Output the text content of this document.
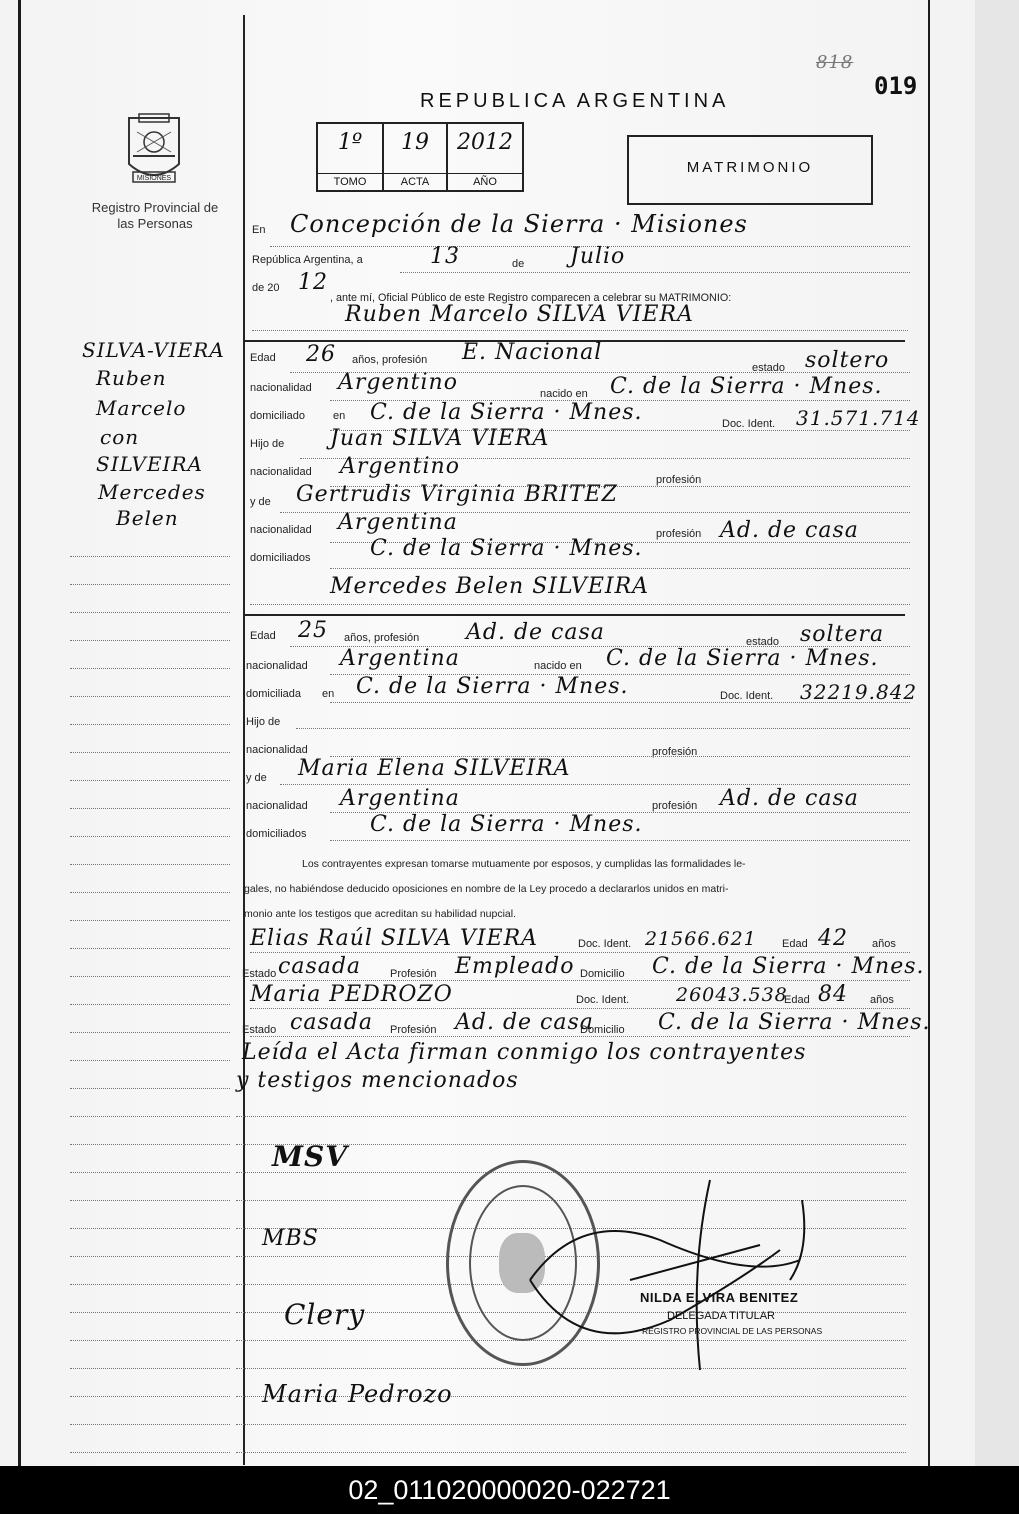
REPUBLICA ARGENTINA
818
019
MISIONES
Registro Provincial de las Personas
1º
TOMO
19
ACTA
2012
AÑO
MATRIMONIO
SILVA-VIERA
Ruben
Marcelo
con
SILVEIRA
Mercedes
Belen
En Concepción de la Sierra · Misiones
República Argentina, a	13	de Julio
de 20 12
, ante mí, Oficial Público de este Registro comparecen a celebrar su MATRIMONIO:
Ruben Marcelo SILVA VIERA
Edad 26 años, profesión E. Nacional
estado soltero
nacionalidad Argentino	nacido en C. de la Sierra · Mnes.
domiciliado	en C. de la Sierra · Mnes.	Doc. Ident. 31.571.714
Hijo de Juan SILVA VIERA
nacionalidad Argentino
profesión
y de Gertrudis Virginia BRITEZ
nacionalidad Argentina	profesión Ad. de casa
domiciliados	C. de la Sierra · Mnes.
Mercedes Belen SILVEIRA
Edad 25 años, profesión Ad. de casa	estado soltera
nacionalidad Argentina	nacido en C. de la Sierra · Mnes.
domiciliada en C. de la Sierra · Mnes.	Doc. Ident. 32219.842
Hijo de
nacionalidad	profesión
y de Maria Elena SILVEIRA
nacionalidad Argentina	profesión Ad. de casa
domiciliados	C. de la Sierra · Mnes.
Los contrayentes expresan tomarse mutuamente por esposos, y cumplidas las formalidades le-
gales, no habiéndose deducido oposiciones en nombre de la Ley procedo a declararlos unidos en matri-
monio ante los testigos que acreditan su habilidad nupcial.
Elias Raúl SILVA VIERA	Doc. Ident. 21566.621 Edad 42 años
Estado casada	Profesión Empleado Domicilio C. de la Sierra · Mnes.
Maria PEDROZO	Doc. Ident. 26043.538
Edad 84 años
Estado casada Profesión Ad. de casa
Domicilio C. de la Sierra · Mnes.
Leída el Acta firman conmigo los contrayentes
y testigos mencionados
MSV
MBS
Clery
Maria Pedrozo
NILDA ELVIRA BENITEZ
DELEGADA TITULAR
REGISTRO PROVINCIAL DE LAS PERSONAS
02_011020000020-022721
